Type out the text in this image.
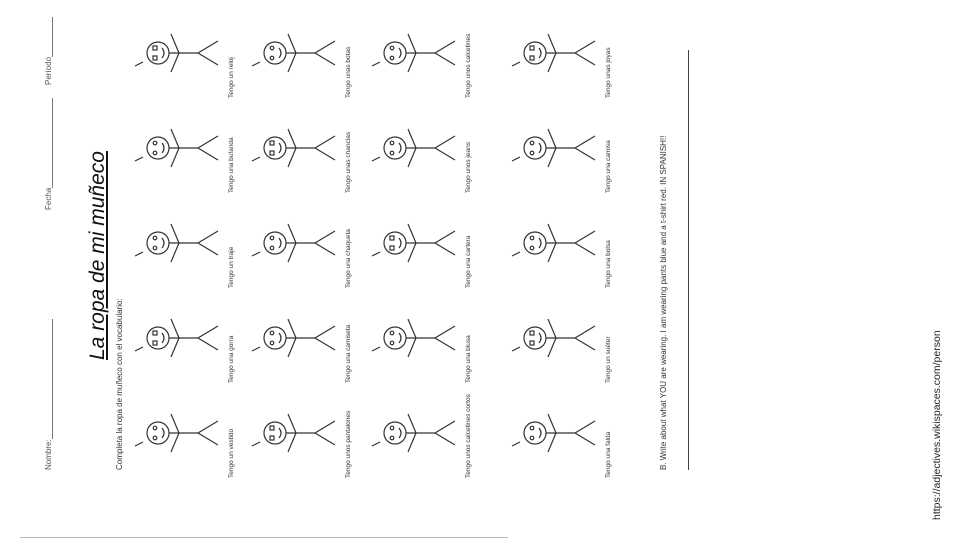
Nombre:
Fecha
Período
La ropa de mi muñeco
Completa la ropa de muñeco con el vocabulario:	Tengo un vestido
Tengo una gorra
Tengo un traje
Tengo una bufanda
Tengo un reloj
Tengo unos pantalones
Tengo una camiseta
Tengo una chaqueta
Tengo unas chanclas
Tengo unas botas
Tengo unos calcetines cortos
Tengo una blusa
Tengo una cartera
Tengo unos jeans
Tengo unos calcetines
Tengo una falda
Tengo un suéter
Tengo una bolsa
Tengo una camisa
Tengo unas joyas
B. Write about what YOU are wearing. I am wearing pants blue and a t-shirt red. IN SPANISH!!	https://adjectives.wikispaces.com/person
